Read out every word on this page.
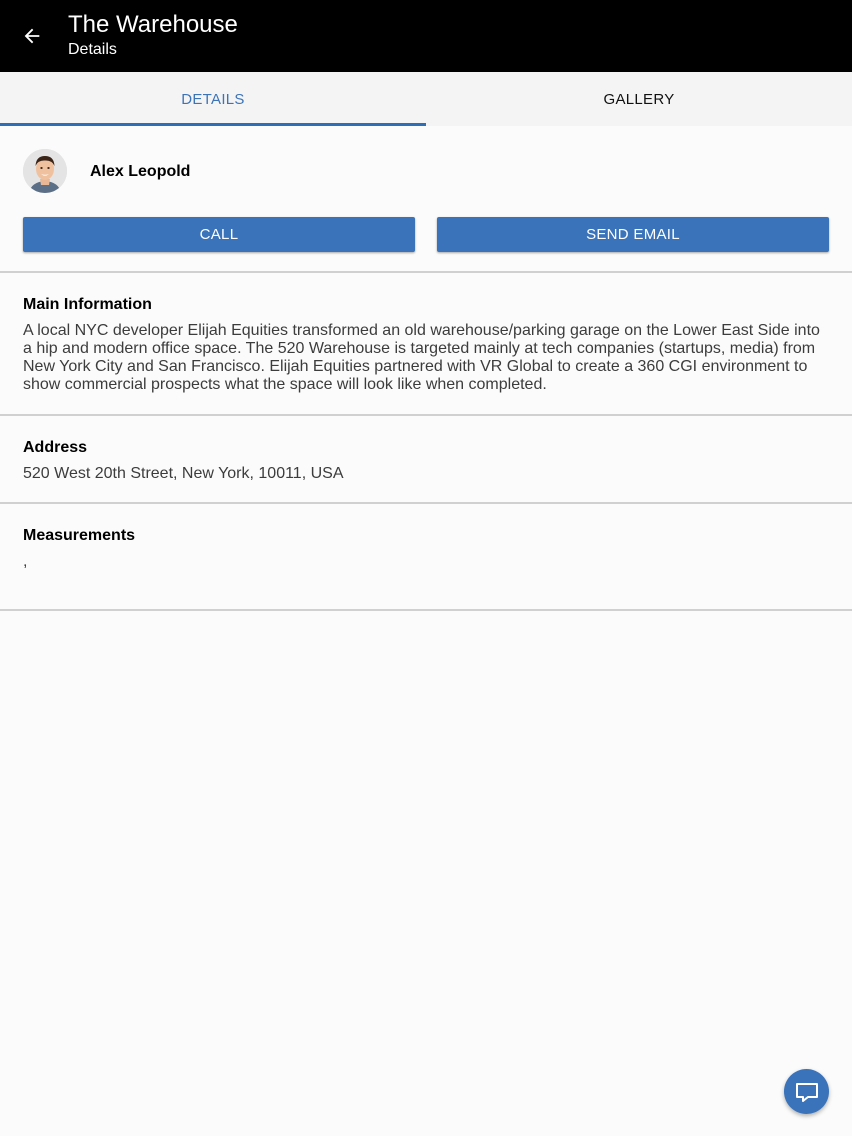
The Warehouse
Details
DETAILS	GALLERY
Alex Leopold
CALL	SEND EMAIL
Main Information
A local NYC developer Elijah Equities transformed an old warehouse/parking garage on the Lower East Side into a hip and modern office space. The 520 Warehouse is targeted mainly at tech companies (startups, media) from New York City and San Francisco. Elijah Equities partnered with VR Global to create a 360 CGI environment to show commercial prospects what the space will look like when completed.
Address
520 West 20th Street, New York, 10011, USA
Measurements
,
